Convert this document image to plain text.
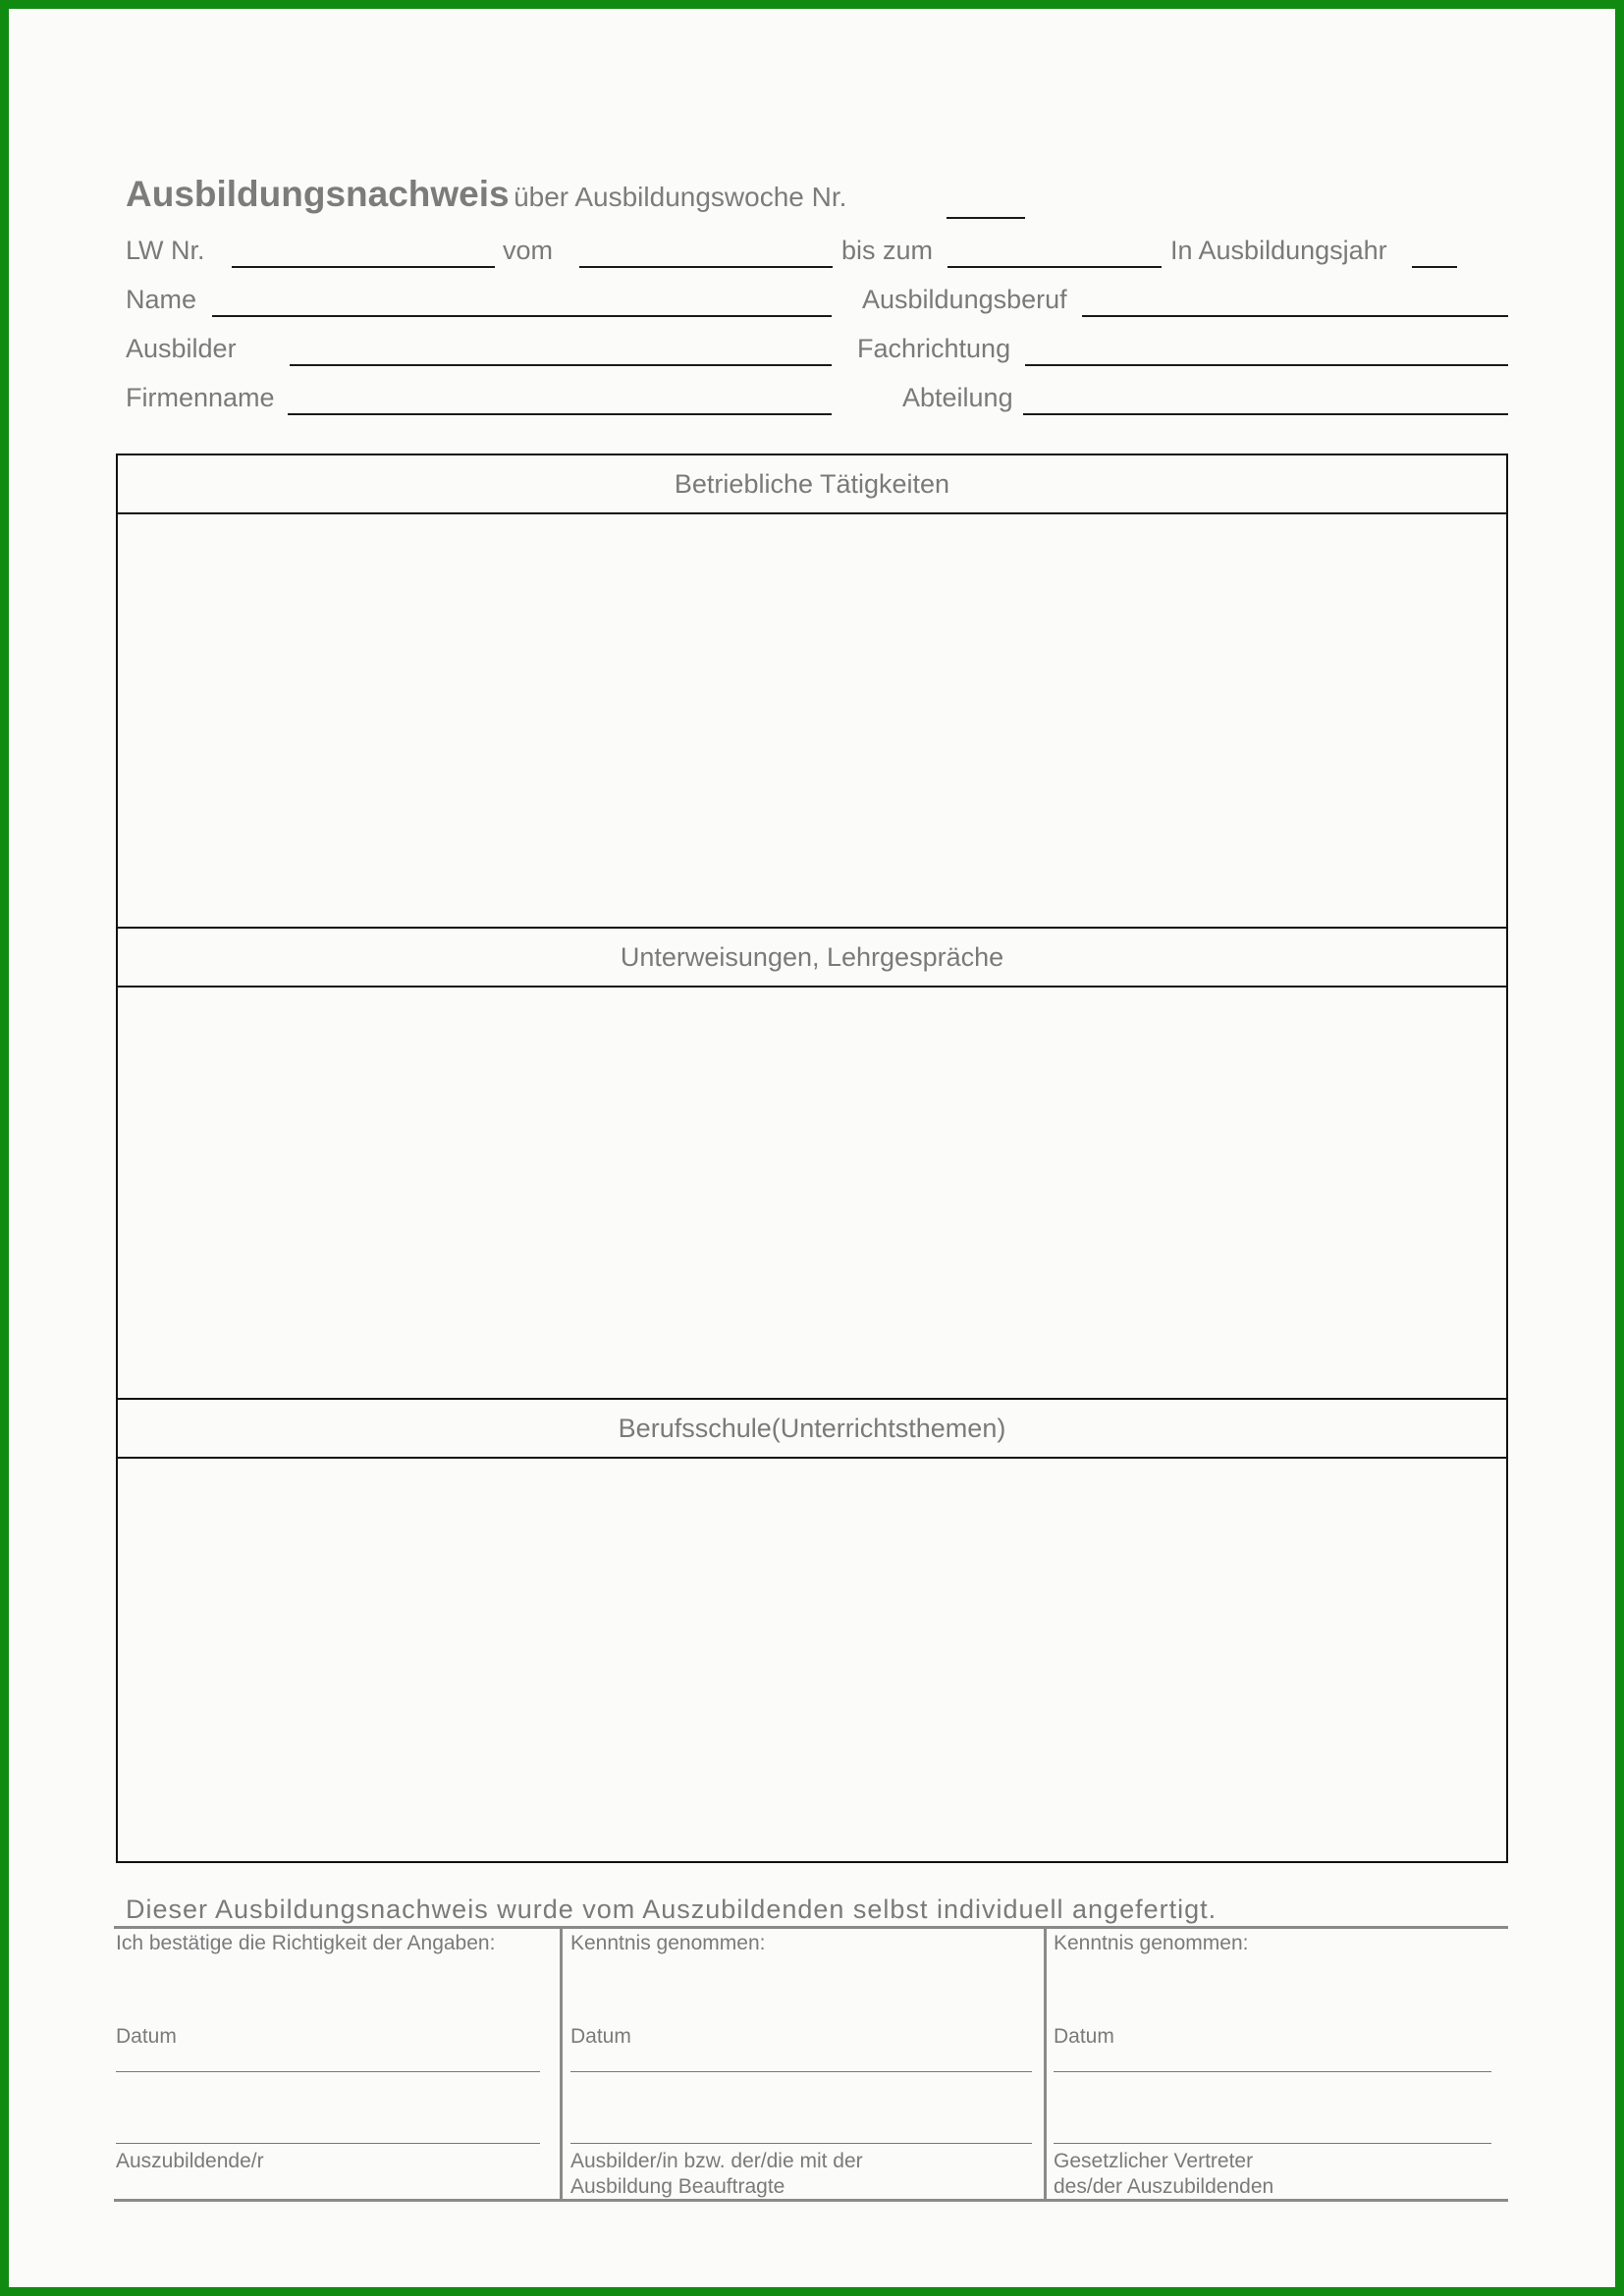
Ausbildungsnachweis über Ausbildungswoche Nr.
LW Nr.	vom	bis zum	In Ausbildungsjahr
Name	Ausbildungsberuf
Ausbilder	Fachrichtung
Firmenname	Abteilung
Betriebliche Tätigkeiten
Unterweisungen, Lehrgespräche
Berufsschule(Unterrichtsthemen)
Dieser Ausbildungsnachweis wurde vom Auszubildenden selbst individuell angefertigt.
Ich bestätige die Richtigkeit der Angaben:
Datum
Auszubildende/r
Kenntnis genommen:
Datum
Ausbilder/in bzw. der/die mit der
Ausbildung Beauftragte
Kenntnis genommen:
Datum
Gesetzlicher Vertreter
des/der Auszubildenden
